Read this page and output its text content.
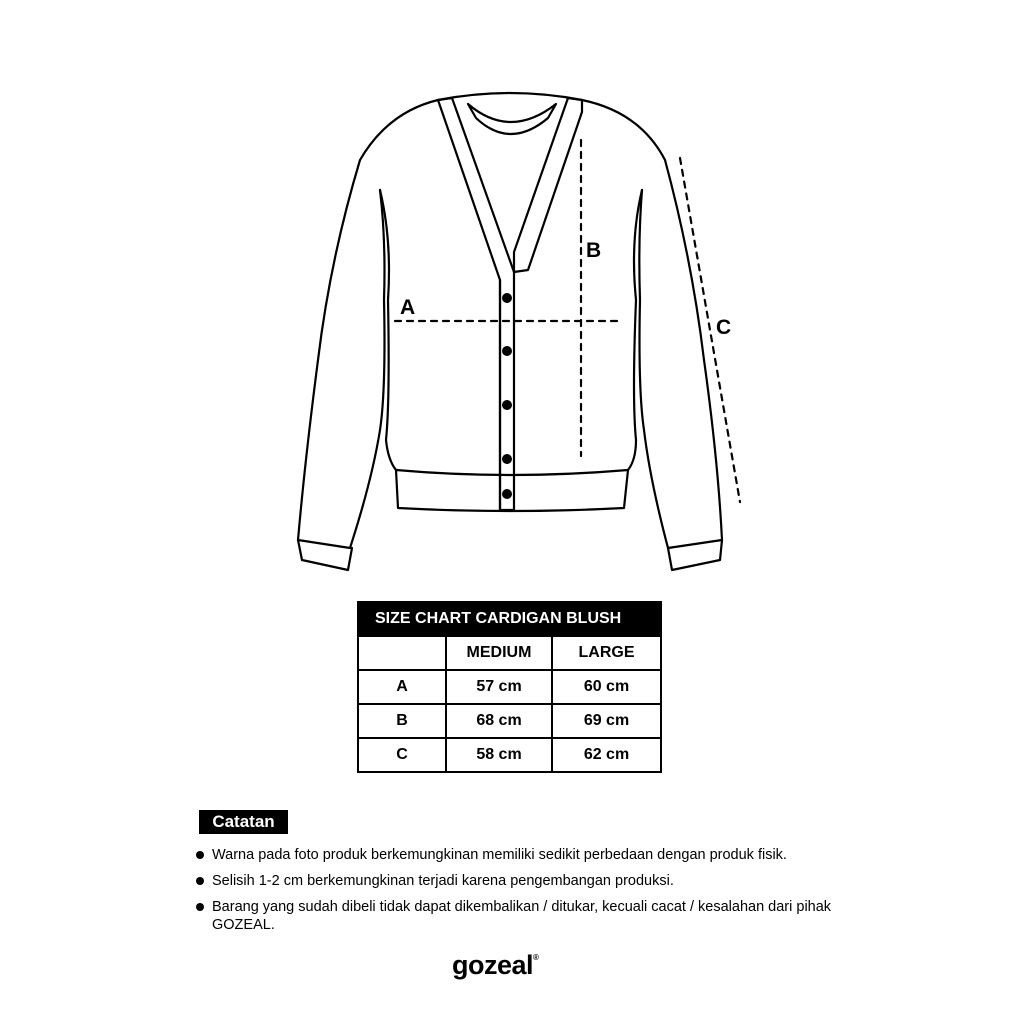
A
B
C
SIZE CHART CARDIGAN BLUSH		
	MEDIUM	LARGE
A	57 cm	60 cm
B	68 cm	69 cm
C	58 cm	62 cm
Catatan
Warna pada foto produk berkemungkinan memiliki sedikit perbedaan dengan produk fisik.
Selisih 1-2 cm berkemungkinan terjadi karena pengembangan produksi.
Barang yang sudah dibeli tidak dapat dikembalikan / ditukar, kecuali cacat / kesalahan dari pihak GOZEAL.
gozeal®
